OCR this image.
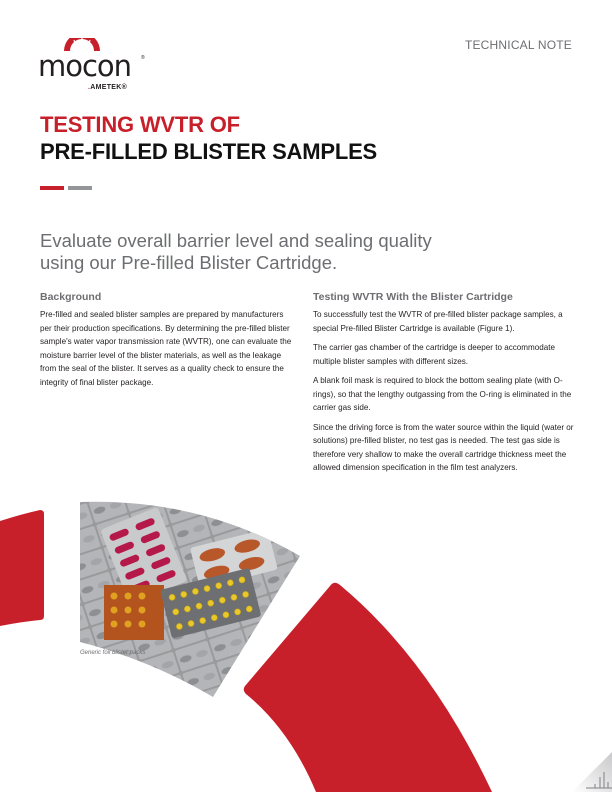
mocon ®
.AMETEK®
TECHNICAL NOTE
TESTING WVTR OF
PRE-FILLED BLISTER SAMPLES
Evaluate overall barrier level and sealing quality using our Pre-filled Blister Cartridge.
Background

Pre-filled and sealed blister samples are prepared by manufacturers per their production specifications. By determining the pre-filled blister sample's water vapor transmission rate (WVTR), one can evaluate the moisture barrier level of the blister materials, as well as the leakage from the seal of the blister. It serves as a quality check to ensure the integrity of final blister package.

Testing WVTR With the Blister Cartridge

To successfully test the WVTR of pre-filled blister package samples, a special Pre-filled Blister Cartridge is available (Figure 1).

The carrier gas chamber of the cartridge is deeper to accommodate multiple blister samples with different sizes.

A blank foil mask is required to block the bottom sealing plate (with O-rings), so that the lengthy outgassing from the O-ring is eliminated in the carrier gas side.

Since the driving force is from the water source within the liquid (water or solutions) pre-filled blister, no test gas is needed. The test gas side is therefore very shallow to make the overall cartridge thickness meet the allowed dimension specification in the film test analyzers.

Generic foil blister packs
